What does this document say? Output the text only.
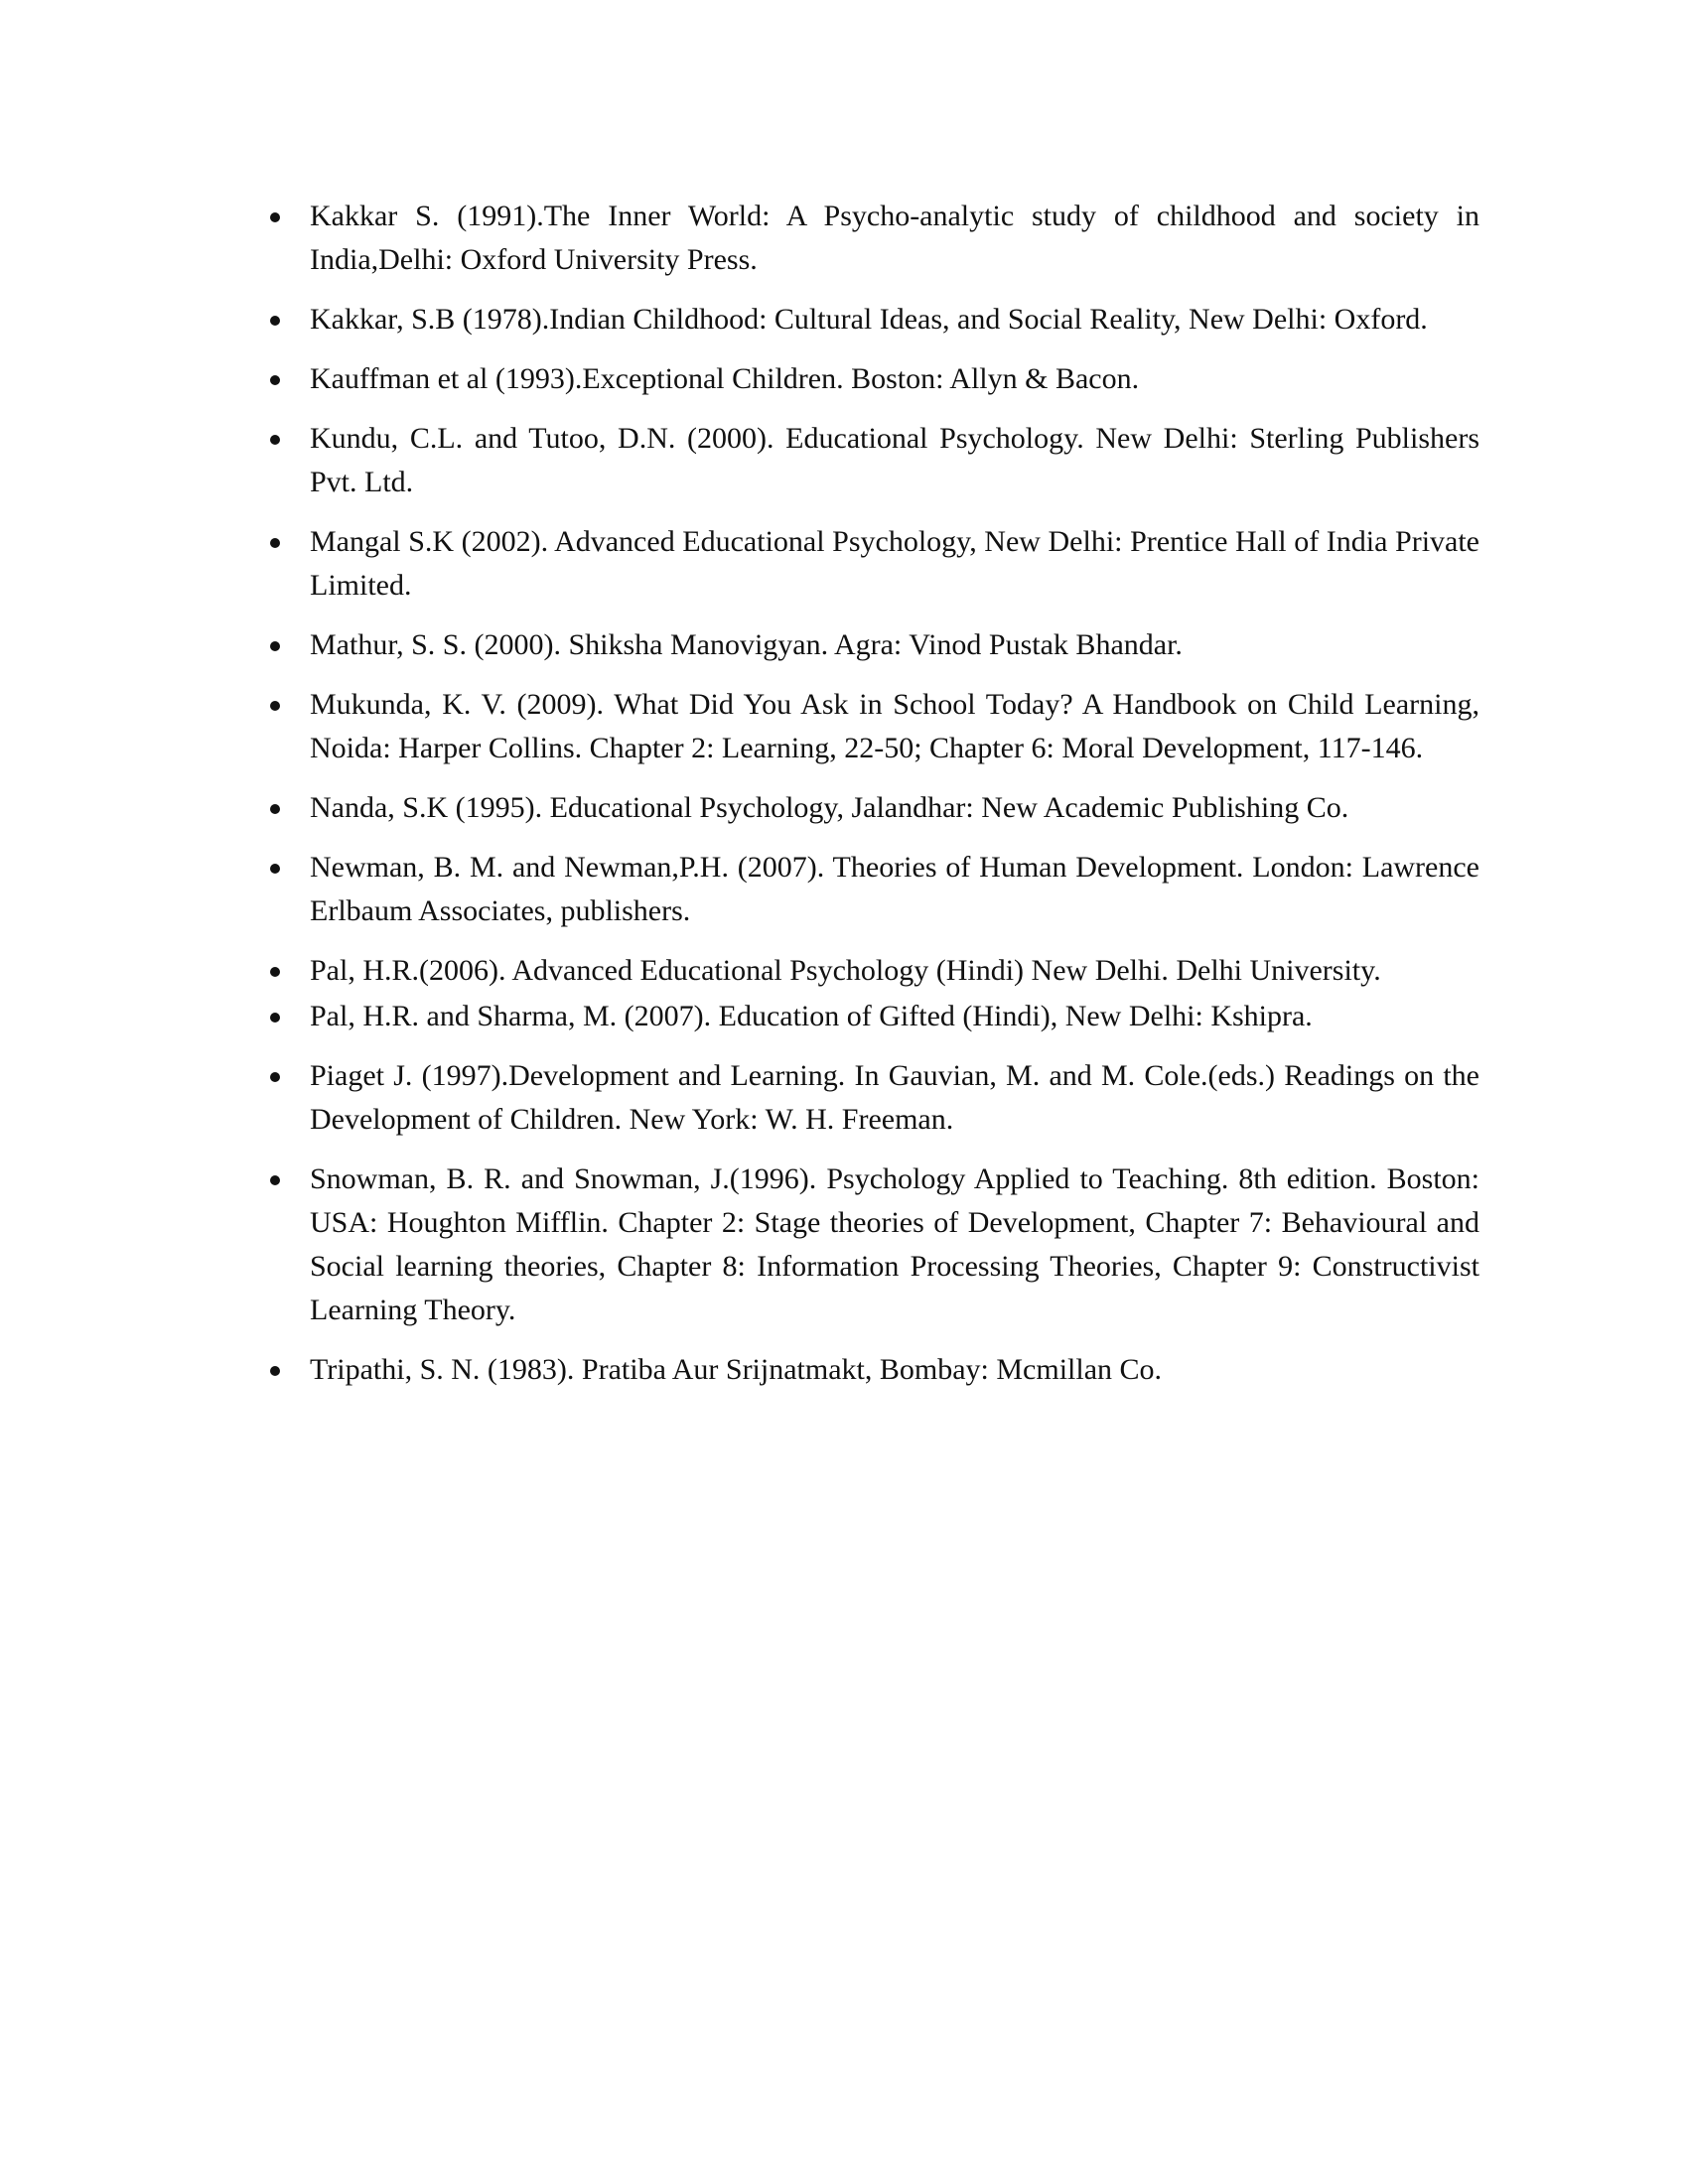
Kakkar S. (1991).The Inner World: A Psycho-analytic study of childhood and society in India,Delhi: Oxford University Press.
Kakkar, S.B (1978).Indian Childhood: Cultural Ideas, and Social Reality, New Delhi: Oxford.
Kauffman et al (1993).Exceptional Children. Boston: Allyn & Bacon.
Kundu, C.L. and Tutoo, D.N. (2000). Educational Psychology. New Delhi: Sterling Publishers Pvt. Ltd.
Mangal S.K (2002). Advanced Educational Psychology, New Delhi: Prentice Hall of India Private Limited.
Mathur, S. S. (2000). Shiksha Manovigyan. Agra: Vinod Pustak Bhandar.
Mukunda, K. V. (2009). What Did You Ask in School Today? A Handbook on Child Learning, Noida: Harper Collins. Chapter 2: Learning, 22-50; Chapter 6: Moral Development, 117-146.
Nanda, S.K (1995). Educational Psychology, Jalandhar: New Academic Publishing Co.
Newman, B. M. and Newman,P.H. (2007). Theories of Human Development. London: Lawrence Erlbaum Associates, publishers.
Pal, H.R.(2006). Advanced Educational Psychology (Hindi) New Delhi. Delhi University.
Pal, H.R. and Sharma, M. (2007). Education of Gifted (Hindi), New Delhi: Kshipra.
Piaget J. (1997).Development and Learning. In Gauvian, M. and M. Cole.(eds.) Readings on the Development of Children. New York: W. H. Freeman.
Snowman, B. R. and Snowman, J.(1996). Psychology Applied to Teaching. 8th edition. Boston: USA: Houghton Mifflin. Chapter 2: Stage theories of Development, Chapter 7: Behavioural and Social learning theories, Chapter 8: Information Processing Theories, Chapter 9: Constructivist Learning Theory.
Tripathi, S. N. (1983). Pratiba Aur Srijnatmakt, Bombay: Mcmillan Co.
